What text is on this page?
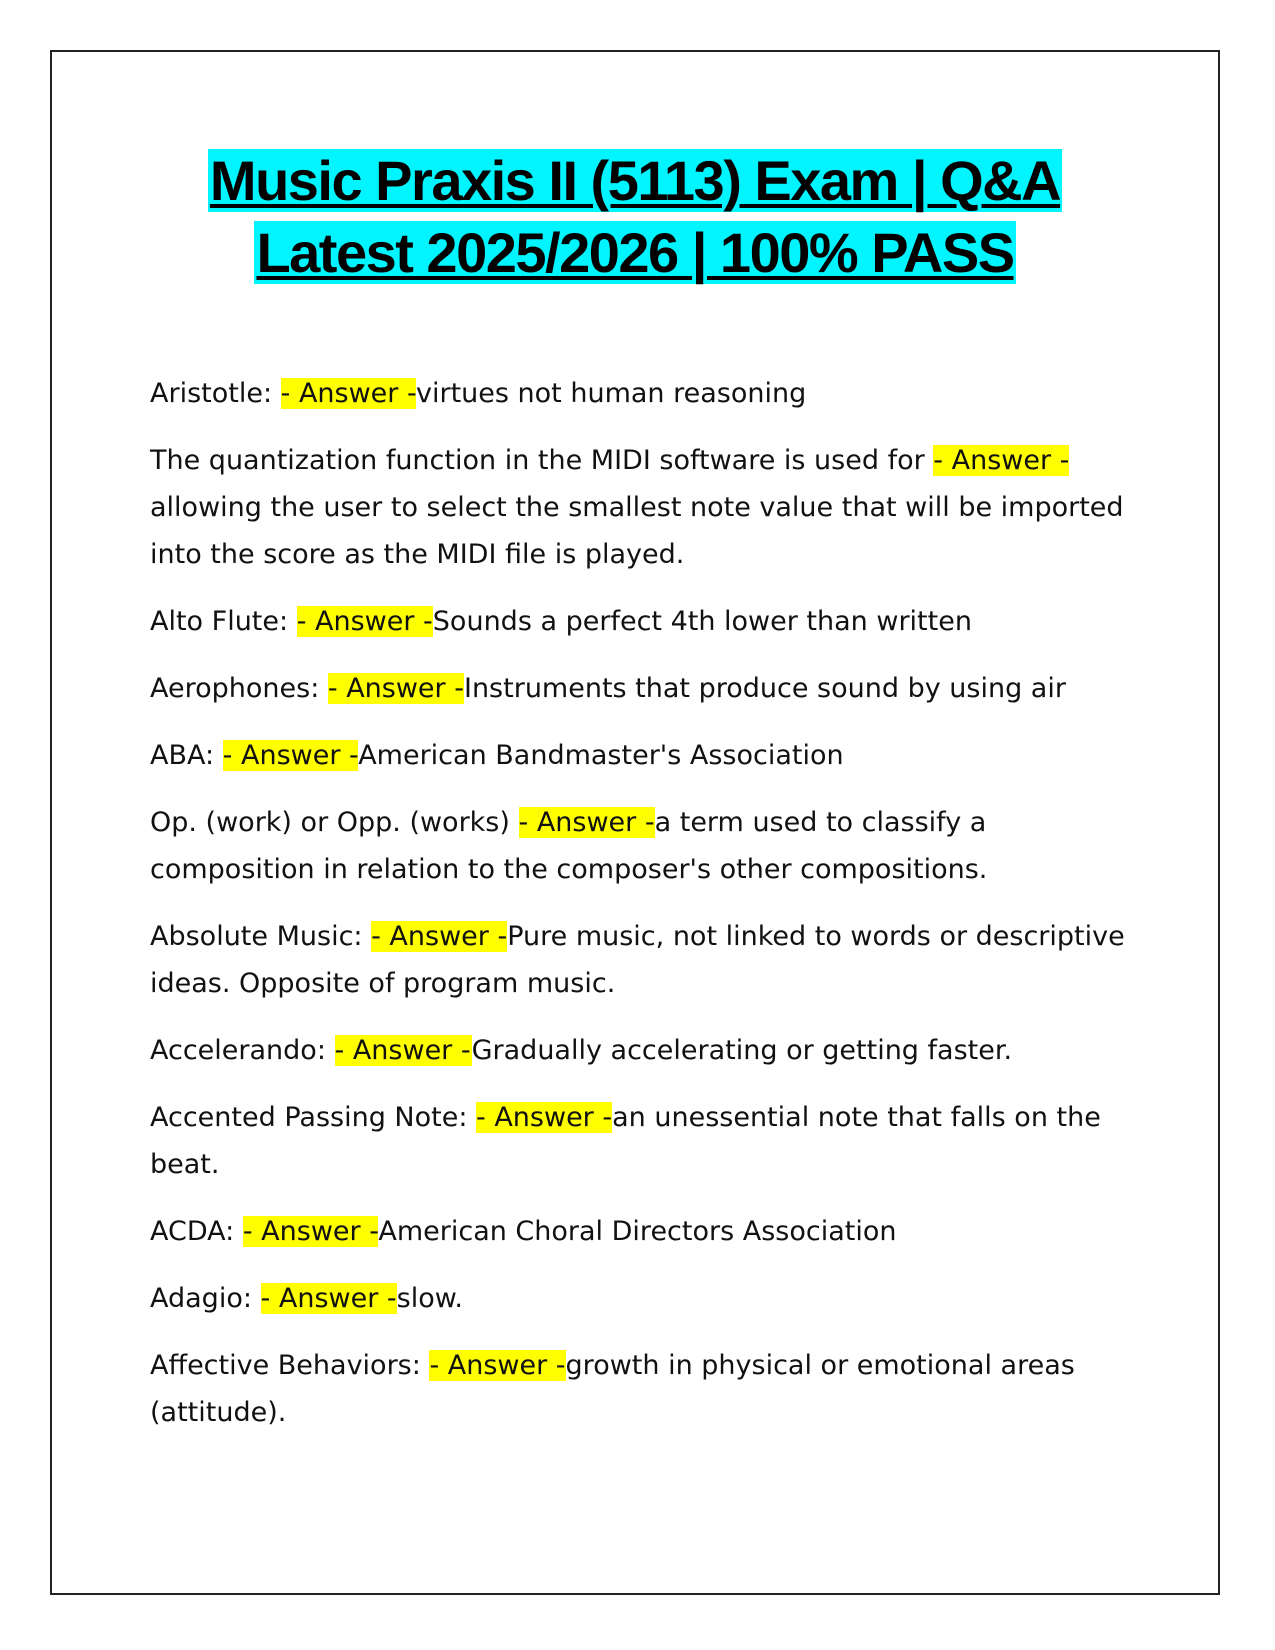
Music Praxis II (5113) Exam | Q&A
Latest 2025/2026 | 100% PASS

Aristotle: - Answer -virtues not human reasoning

The quantization function in the MIDI software is used for - Answer -allowing the user to select the smallest note value that will be imported into the score as the MIDI file is played.

Alto Flute: - Answer -Sounds a perfect 4th lower than written

Aerophones: - Answer -Instruments that produce sound by using air

ABA: - Answer -American Bandmaster's Association

Op. (work) or Opp. (works) - Answer -a term used to classify a composition in relation to the composer's other compositions.

Absolute Music: - Answer -Pure music, not linked to words or descriptive ideas. Opposite of program music.

Accelerando: - Answer -Gradually accelerating or getting faster.

Accented Passing Note: - Answer -an unessential note that falls on the beat.

ACDA: - Answer -American Choral Directors Association

Adagio: - Answer -slow.

Affective Behaviors: - Answer -growth in physical or emotional areas (attitude).
